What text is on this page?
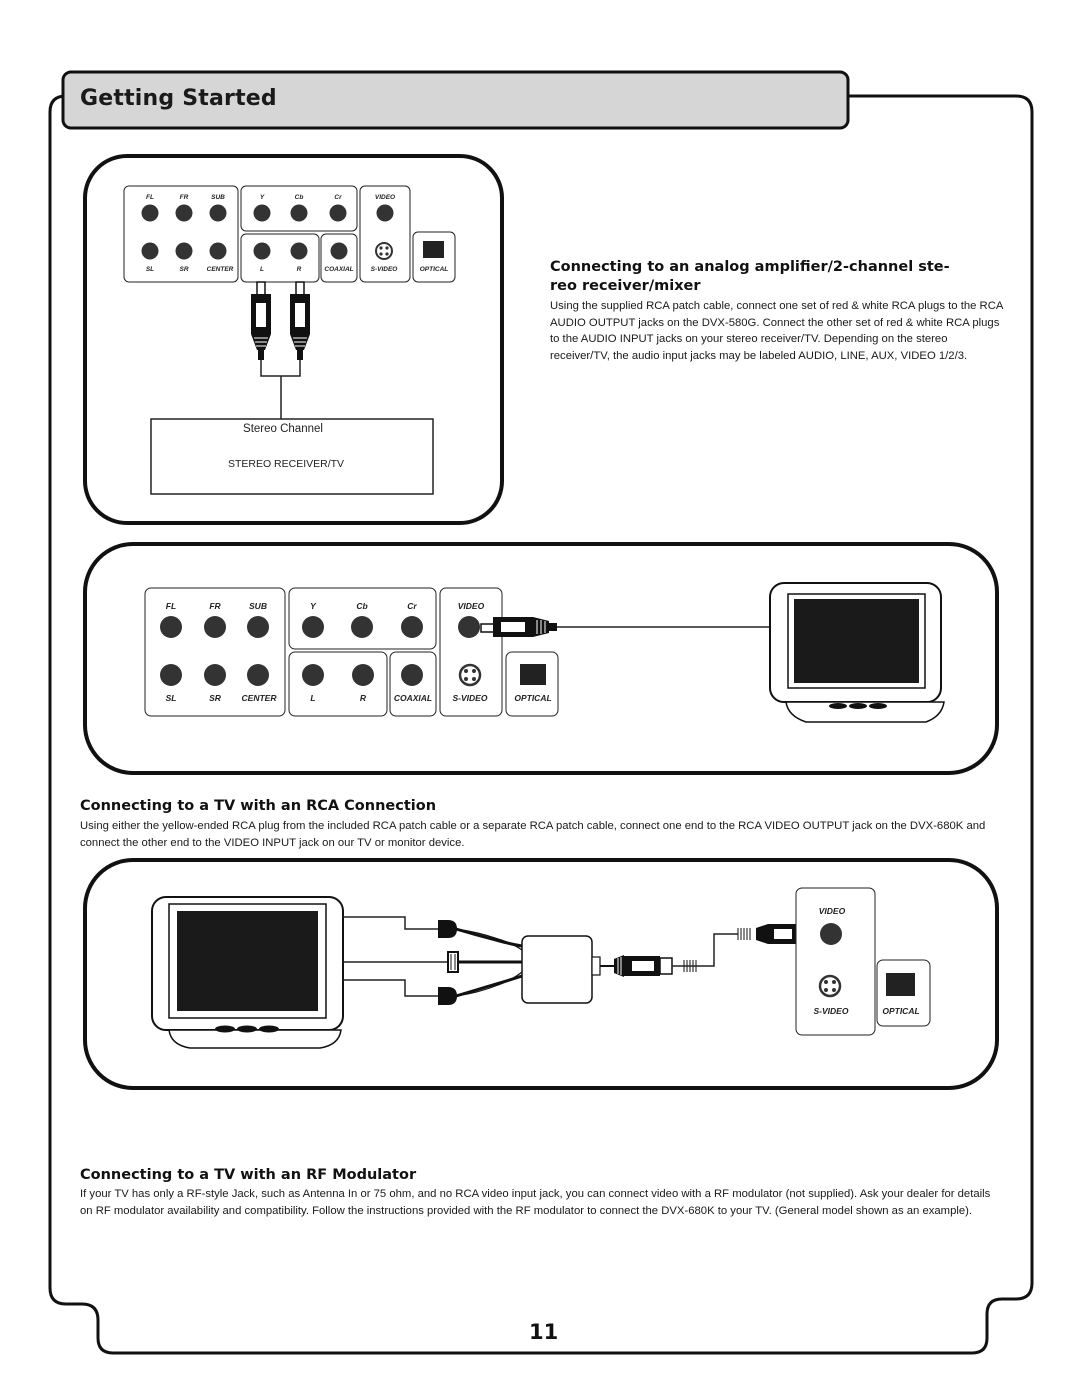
FL	FR	SUB	Y	Cb	Cr	VIDEO
SL	SR	CENTER	L	R	COAXIAL	S-VIDEO	OPTICAL
Stereo Channel
STEREO RECEIVER/TV
FL	FR	SUB	Y	Cb	Cr	VIDEO
SL	SR CENTER	L	R	COAXIAL S-VIDEO	OPTICAL
VIDEO
S-VIDEO	OPTICAL
Getting Started
Connecting to an analog amplifier/2-channel ste-
reo receiver/mixer
Using the supplied RCA patch cable, connect one set of red & white RCA plugs to the RCA AUDIO OUTPUT jacks on the DVX-580G. Connect the other set of red & white RCA plugs to the AUDIO INPUT jacks on your stereo receiver/TV. Depending on the stereo receiver/TV, the audio input jacks may be labeled AUDIO, LINE, AUX, VIDEO 1/2/3.
Connecting to a TV with an RCA Connection
Using either the yellow-ended RCA plug from the included RCA patch cable or a separate RCA patch cable, connect one end to the RCA VIDEO OUTPUT jack on the DVX-680K and connect the other end to the VIDEO INPUT jack on our TV or monitor device.
Connecting to a TV with an RF Modulator
If your TV has only a RF-style Jack, such as Antenna In or 75 ohm, and no RCA video input jack, you can connect video with a RF modulator (not supplied). Ask your dealer for details on RF modulator availability and compatibility. Follow the instructions provided with the RF modulator to connect the DVX-680K to your TV. (General model shown as an example).
11
